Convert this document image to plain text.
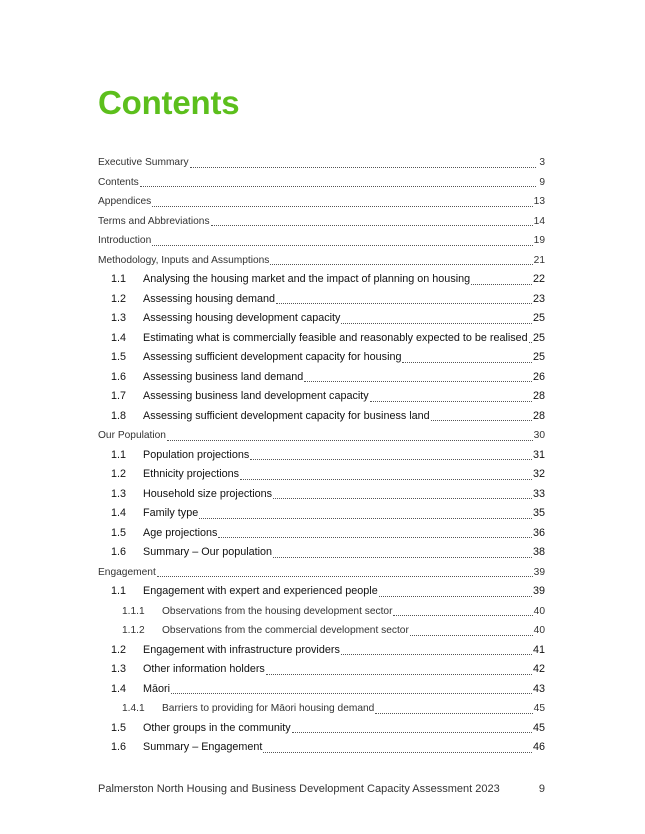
Contents
Executive Summary	3
Contents	9
Appendices	13
Terms and Abbreviations	14
Introduction	19
Methodology, Inputs and Assumptions	21
1.1	Analysing the housing market and the impact of planning on housing	22
1.2	Assessing housing demand	23
1.3	Assessing housing development capacity	25
1.4	Estimating what is commercially feasible and reasonably expected to be realised 25
1.5	Assessing sufficient development capacity for housing	25
1.6	Assessing business land demand	26
1.7	Assessing business land development capacity	28
1.8	Assessing sufficient development capacity for business land	28
Our Population	30
1.1	Population projections	31
1.2	Ethnicity projections	32
1.3	Household size projections	33
1.4	Family type	35
1.5	Age projections	36
1.6	Summary – Our population	38
Engagement	39
1.1	Engagement with expert and experienced people	39
1.1.1	Observations from the housing development sector	40
1.1.2	Observations from the commercial development sector	40
1.2	Engagement with infrastructure providers	41
1.3	Other information holders	42
1.4	Māori	43
1.4.1	Barriers to providing for Māori housing demand	45
1.5	Other groups in the community	45
1.6	Summary – Engagement	46
Palmerston North Housing and Business Development Capacity Assessment 2023	9
